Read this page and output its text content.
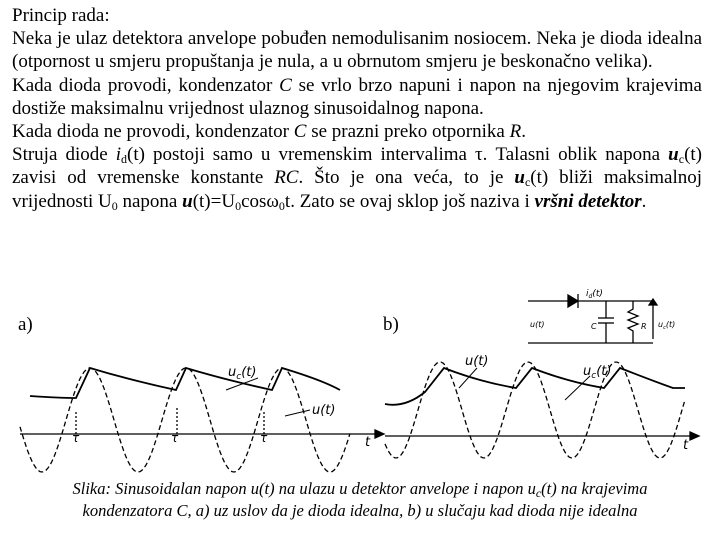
Princip rada:

Neka je ulaz detektora anvelope pobuđen nemodulisanim nosiocem. Neka je dioda idealna (otpornost u smjeru propuštanja je nula, a u obrnutom smjeru je beskonačno velika).

Kada dioda provodi, kondenzator C se vrlo brzo napuni i napon na njegovim krajevima dostiže maksimalnu vrijednost ulaznog sinusoidalnog napona.

Kada dioda ne provodi, kondenzator C se prazni preko otpornika R.

Struja diode $i_d(t)$ postoji samo u vremenskim intervalima τ. Talasni oblik napona $u_c(t)$ zavisi od vremenske konstante RC. Što je ona veća, to je $u_c(t)$ bliži maksimalnoj vrijednosti $U_0$ napona $u(t)=U_0\cos\omega_0t$. Zato se ovaj sklop još naziva i vršni detektor.

a)	b)
$i_d(t)$
u(t)	C	R $u_c(t)$
$u_c(t)$
u(t)
τ	τ	τ	t
u(t)
$u_c(t)$
t
Slika: Sinusoidalan napon u(t) na ulazu u detektor anvelope i napon $u_c(t)$ na krajevima
kondenzatora C, a) uz uslov da je dioda idealna, b) u slučaju kad dioda nije idealna
